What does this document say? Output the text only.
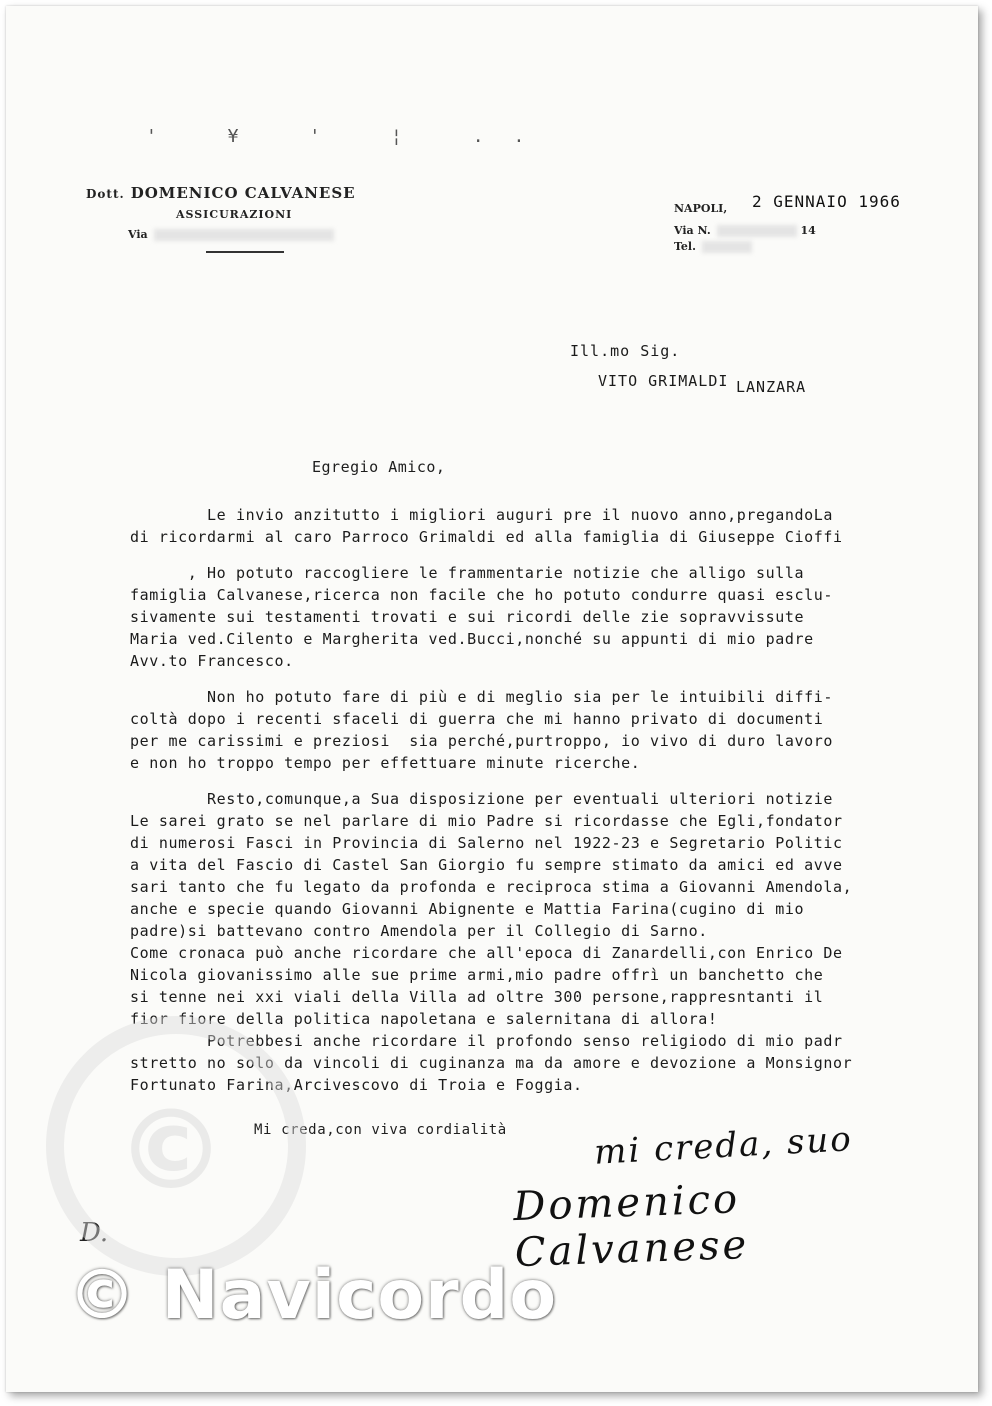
' ¥ ' ¦ ..
Dott. DOMENICO CALVANESE
ASSICURAZIONI
Via
NAPOLI, 2 GENNAIO 1966
Via N.	14
Tel.
Ill.mo Sig.
VITO GRIMALDI LANZARA
Egregio Amico,
Le invio anzitutto i migliori auguri pre il nuovo anno,pregandoLa
di ricordarmi al caro Parroco Grimaldi ed alla famiglia di Giuseppe Cioffi
, Ho potuto raccogliere le frammentarie notizie che alligo sulla
famiglia Calvanese,ricerca non facile che ho potuto condurre quasi esclu-
sivamente sui testamenti trovati e sui ricordi delle zie sopravvissute
Maria ved.Cilento e Margherita ved.Bucci,nonché su appunti di mio padre
Avv.to Francesco.
Non ho potuto fare di più e di meglio sia per le intuibili diffi-
coltà dopo i recenti sfaceli di guerra che mi hanno privato di documenti
per me carissimi e preziosi  sia perché,purtroppo, io vivo di duro lavoro
e non ho troppo tempo per effettuare minute ricerche.
Resto,comunque,a Sua disposizione per eventuali ulteriori notizie
Le sarei grato se nel parlare di mio Padre si ricordasse che Egli,fondator
di numerosi Fasci in Provincia di Salerno nel 1922-23 e Segretario Politic
a vita del Fascio di Castel San Giorgio fu sempre stimato da amici ed avve
sari tanto che fu legato da profonda e reciproca stima a Giovanni Amendola,
anche e specie quando Giovanni Abignente e Mattia Farina(cugino di mio
padre)si battevano contro Amendola per il Collegio di Sarno.
Come cronaca può anche ricordare che all'epoca di Zanardelli,con Enrico De
Nicola giovanissimo alle sue prime armi,mio padre offrì un banchetto che
si tenne nei xxi viali della Villa ad oltre 300 persone,rappresntanti il
fior fiore della politica napoletana e salernitana di allora!
Potrebbesi anche ricordare il profondo senso religiodo di mio padr
stretto no solo da vincoli di cuginanza ma da amore e devozione a Monsignor
Fortunato Farina,Arcivescovo di Troia e Foggia.
Mi creda,con viva cordialità	mi creda, suo
Domenico Calvanese
D.
©
© Navicordo
